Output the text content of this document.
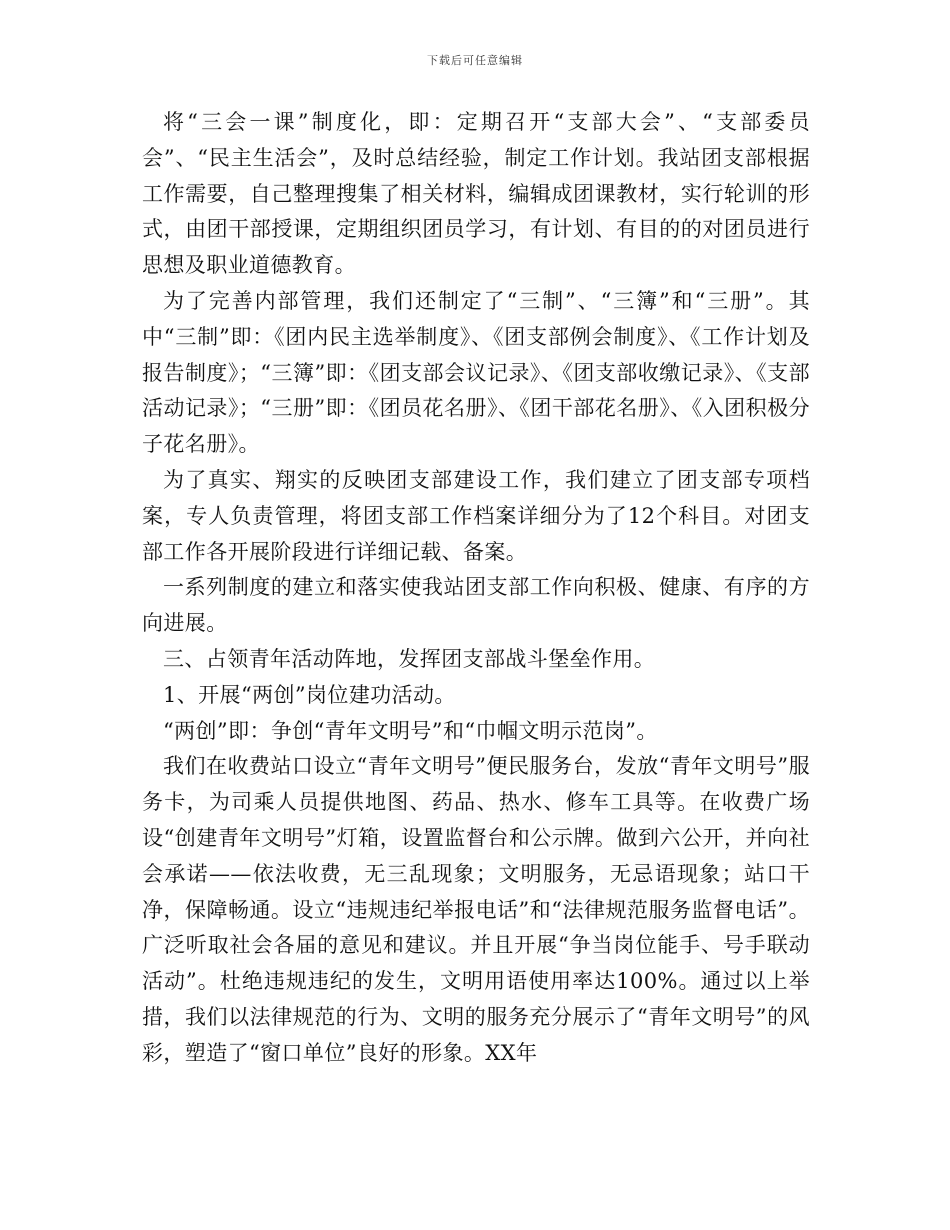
下载后可任意编辑

将“三会一课”制度化，即：定期召开“支部大会”、“支部委员会”、“民主生活会”，及时总结经验，制定工作计划。我站团支部根据工作需要，自己整理搜集了相关材料，编辑成团课教材，实行轮训的形式，由团干部授课，定期组织团员学习，有计划、有目的的对团员进行思想及职业道德教育。

为了完善内部管理，我们还制定了“三制”、“三簿”和“三册”。其中“三制”即：《团内民主选举制度》、《团支部例会制度》、《工作计划及报告制度》；“三簿”即：《团支部会议记录》、《团支部收缴记录》、《支部活动记录》；“三册”即：《团员花名册》、《团干部花名册》、《入团积极分子花名册》。

为了真实、翔实的反映团支部建设工作，我们建立了团支部专项档案，专人负责管理，将团支部工作档案详细分为了12个科目。对团支部工作各开展阶段进行详细记载、备案。

一系列制度的建立和落实使我站团支部工作向积极、健康、有序的方向进展。

三、占领青年活动阵地，发挥团支部战斗堡垒作用。

1、开展“两创”岗位建功活动。

“两创”即：争创“青年文明号”和“巾帼文明示范岗”。

我们在收费站口设立“青年文明号”便民服务台，发放“青年文明号”服务卡，为司乘人员提供地图、药品、热水、修车工具等。在收费广场设“创建青年文明号”灯箱，设置监督台和公示牌。做到六公开，并向社会承诺——依法收费，无三乱现象；文明服务，无忌语现象；站口干净，保障畅通。设立“违规违纪举报电话”和“法律规范服务监督电话”。广泛听取社会各届的意见和建议。并且开展“争当岗位能手、号手联动活动”。杜绝违规违纪的发生，文明用语使用率达100%。通过以上举措，我们以法律规范的行为、文明的服务充分展示了“青年文明号”的风彩，塑造了“窗口单位”良好的形象。XX年
